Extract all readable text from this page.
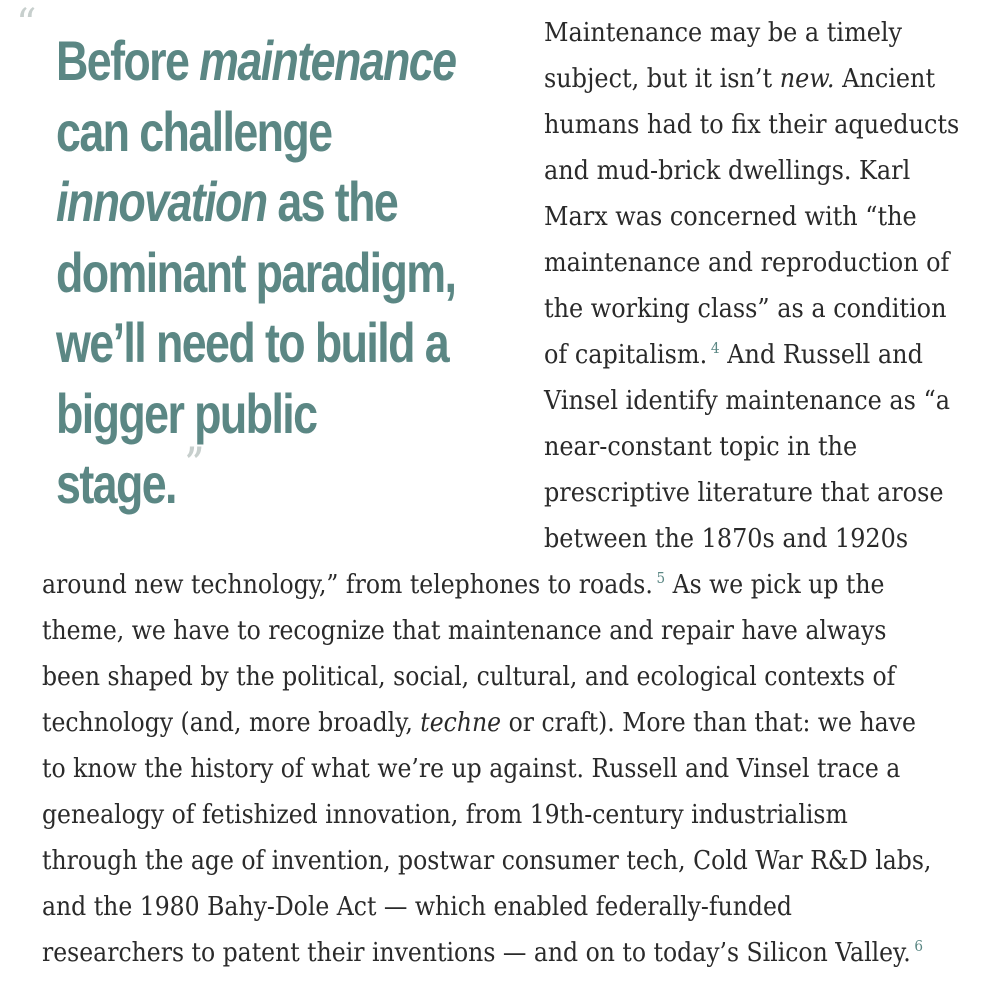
“
Before maintenance
can challenge
innovation as the
dominant paradigm,
we’ll need to build a
bigger public
stage. ”
Maintenance may be a timely
subject, but it isn’t new. Ancient
humans had to fix their aqueducts
and mud-brick dwellings. Karl
Marx was concerned with “the
maintenance and reproduction of
the working class” as a condition
of capitalism. $^4$ And Russell and
Vinsel identify maintenance as “a
near-constant topic in the
prescriptive literature that arose
between the 1870s and 1920s
around new technology,” from telephones to roads. $^5$ As we pick up the
theme, we have to recognize that maintenance and repair have always
been shaped by the political, social, cultural, and ecological contexts of
technology (and, more broadly, techne or craft). More than that: we have
to know the history of what we’re up against. Russell and Vinsel trace a
genealogy of fetishized innovation, from 19th-century industrialism
through the age of invention, postwar consumer tech, Cold War R&D labs,
and the 1980 Bahy-Dole Act — which enabled federally-funded
researchers to patent their inventions — and on to today’s Silicon Valley. $^6$
